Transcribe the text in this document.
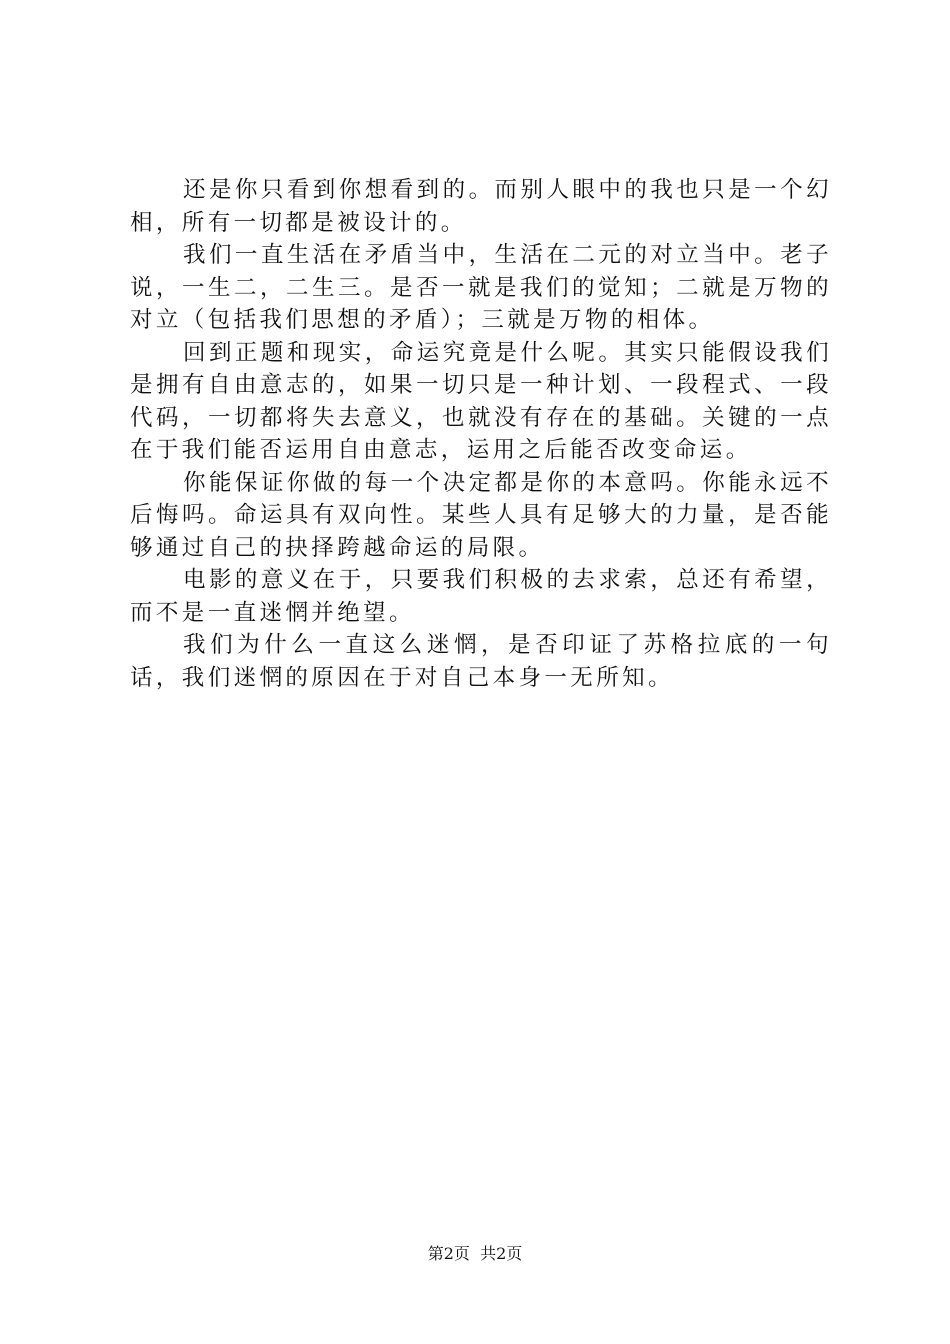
还是你只看到你想看到的。而别人眼中的我也只是一个幻相，所有一切都是被设计的。

我们一直生活在矛盾当中，生活在二元的对立当中。老子说，一生二，二生三。是否一就是我们的觉知；二就是万物的对立（包括我们思想的矛盾）；三就是万物的相体。

回到正题和现实，命运究竟是什么呢。其实只能假设我们是拥有自由意志的，如果一切只是一种计划、一段程式、一段代码，一切都将失去意义，也就没有存在的基础。关键的一点在于我们能否运用自由意志，运用之后能否改变命运。

你能保证你做的每一个决定都是你的本意吗。你能永远不后悔吗。命运具有双向性。某些人具有足够大的力量，是否能够通过自己的抉择跨越命运的局限。

电影的意义在于，只要我们积极的去求索，总还有希望，而不是一直迷惘并绝望。

我们为什么一直这么迷惘，是否印证了苏格拉底的一句话，我们迷惘的原因在于对自己本身一无所知。

第2页  共2页
